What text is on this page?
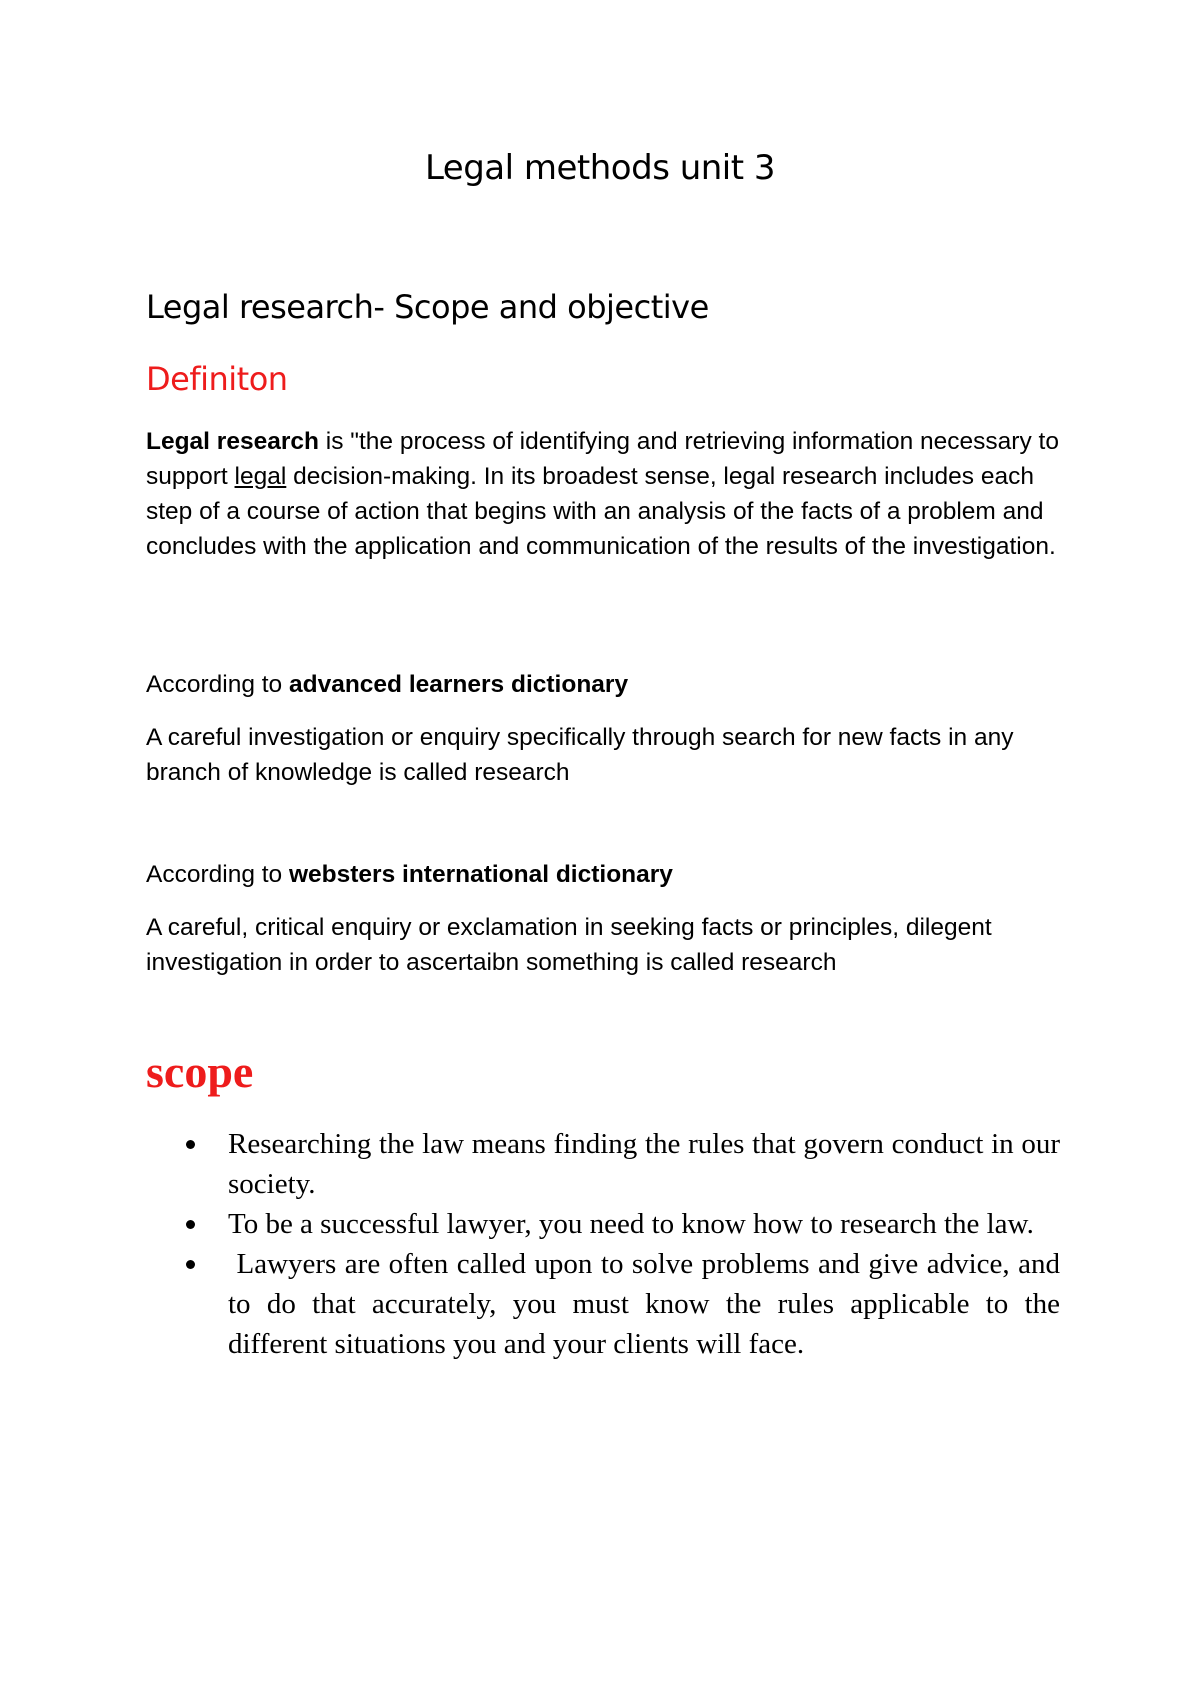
Legal methods unit 3
Legal research- Scope and objective
Definiton

Legal research is "the process of identifying and retrieving information necessary to support legal decision-making. In its broadest sense, legal research includes each step of a course of action that begins with an analysis of the facts of a problem and concludes with the application and communication of the results of the investigation.

According to advanced learners dictionary

A careful investigation or enquiry specifically through search for new facts in any branch of knowledge is called research

According to websters international dictionary

A careful, critical enquiry or exclamation in seeking facts or principles, dilegent investigation in order to ascertaibn something is called research

scope
Researching the law means finding the rules that govern conduct in our society.
To be a successful lawyer, you need to know how to research the law.
Lawyers are often called upon to solve problems and give advice, and to do that accurately, you must know the rules applicable to the different situations you and your clients will face.
